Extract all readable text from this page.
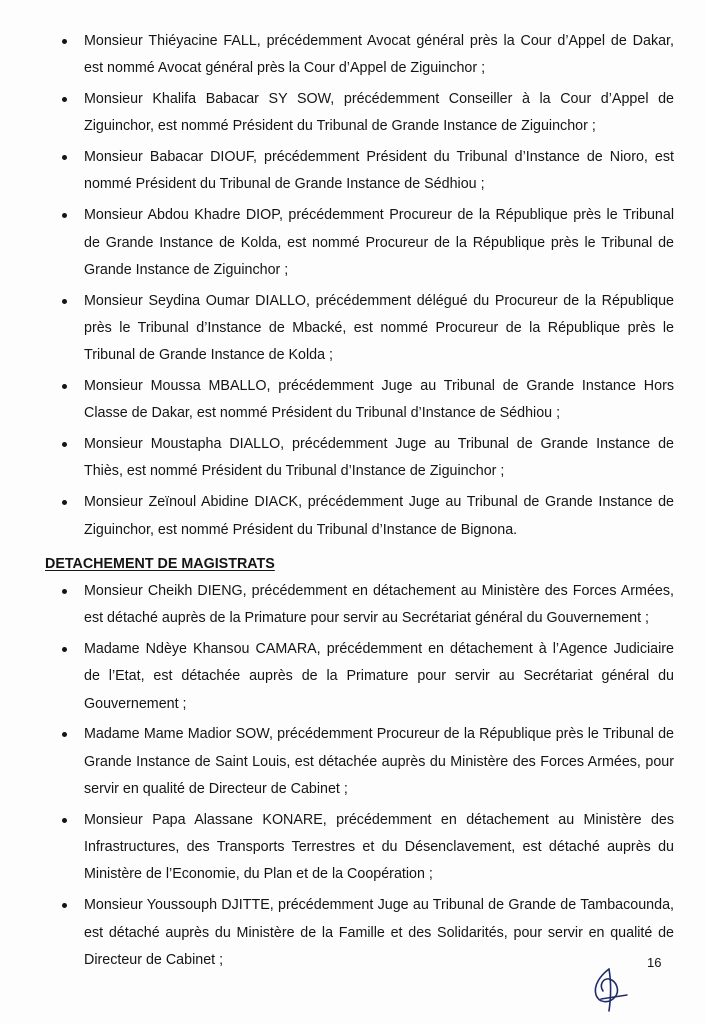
Monsieur Thiéyacine FALL, précédemment Avocat général près la Cour d’Appel de Dakar, est nommé Avocat général près la Cour d’Appel de Ziguinchor ;
Monsieur Khalifa Babacar SY SOW, précédemment Conseiller à la Cour d’Appel de Ziguinchor, est nommé Président du Tribunal de Grande Instance de Ziguinchor ;
Monsieur Babacar DIOUF, précédemment Président du Tribunal d’Instance de Nioro, est nommé Président du Tribunal de Grande Instance de Sédhiou ;
Monsieur Abdou Khadre DIOP, précédemment Procureur de la République près le Tribunal de Grande Instance de Kolda, est nommé Procureur de la République près le Tribunal de Grande Instance de Ziguinchor ;
Monsieur Seydina Oumar DIALLO, précédemment délégué du Procureur de la République près le Tribunal d’Instance de Mbacké, est nommé Procureur de la République près le Tribunal de Grande Instance de Kolda ;
Monsieur Moussa MBALLO, précédemment Juge au Tribunal de Grande Instance Hors Classe de Dakar, est nommé Président du Tribunal d’Instance de Sédhiou ;
Monsieur Moustapha DIALLO, précédemment Juge au Tribunal de Grande Instance de Thiès, est nommé Président du Tribunal d’Instance de Ziguinchor ;
Monsieur Zeïnoul Abidine DIACK, précédemment Juge au Tribunal de Grande Instance de Ziguinchor, est nommé Président du Tribunal d’Instance de Bignona.
DETACHEMENT DE MAGISTRATS
Monsieur Cheikh DIENG, précédemment en détachement au Ministère des Forces Armées, est détaché auprès de la Primature pour servir au Secrétariat général du Gouvernement ;
Madame Ndèye Khansou CAMARA, précédemment en détachement à l’Agence Judiciaire de l’Etat, est détachée auprès de la Primature pour servir au Secrétariat général du Gouvernement ;
Madame Mame Madior SOW, précédemment Procureur de la République près le Tribunal de Grande Instance de Saint Louis, est détachée auprès du Ministère des Forces Armées, pour servir en qualité de Directeur de Cabinet ;
Monsieur Papa Alassane KONARE, précédemment en détachement au Ministère des Infrastructures, des Transports Terrestres et du Désenclavement, est détaché auprès du Ministère de l’Economie, du Plan et de la Coopération ;
Monsieur Youssouph DJITTE, précédemment Juge au Tribunal de Grande de Tambacounda, est détaché auprès du Ministère de la Famille et des Solidarités, pour servir en qualité de Directeur de Cabinet ;	16
